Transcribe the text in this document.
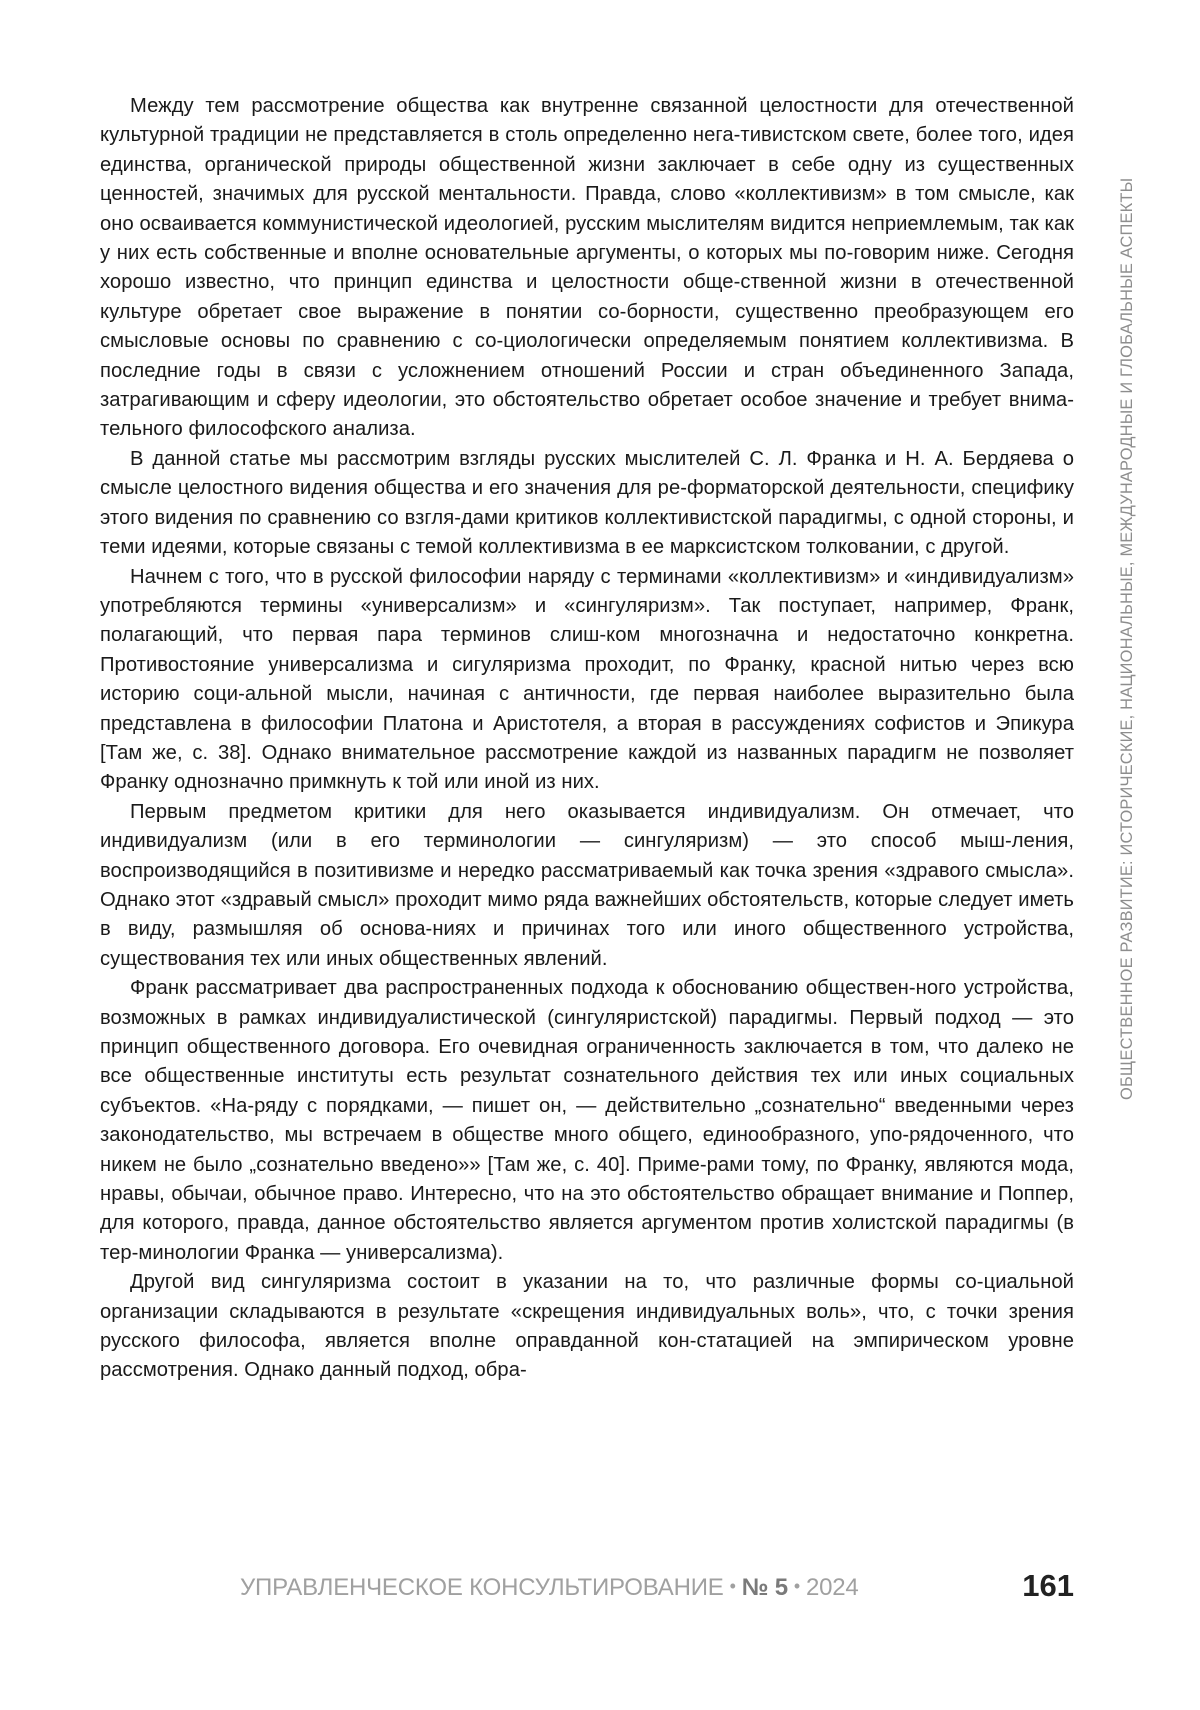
Между тем рассмотрение общества как внутренне связанной целостности для отечественной культурной традиции не представляется в столь определенно нега-тивистском свете, более того, идея единства, органической природы общественной жизни заключает в себе одну из существенных ценностей, значимых для русской ментальности. Правда, слово «коллективизм» в том смысле, как оно осваивается коммунистической идеологией, русским мыслителям видится неприемлемым, так как у них есть собственные и вполне основательные аргументы, о которых мы по-говорим ниже. Сегодня хорошо известно, что принцип единства и целостности обще-ственной жизни в отечественной культуре обретает свое выражение в понятии со-борности, существенно преобразующем его смысловые основы по сравнению с со-циологически определяемым понятием коллективизма. В последние годы в связи с усложнением отношений России и стран объединенного Запада, затрагивающим и сферу идеологии, это обстоятельство обретает особое значение и требует внима-тельного философского анализа.

В данной статье мы рассмотрим взгляды русских мыслителей С. Л. Франка и Н. А. Бердяева о смысле целостного видения общества и его значения для ре-форматорской деятельности, специфику этого видения по сравнению со взгля-дами критиков коллективистской парадигмы, с одной стороны, и теми идеями, которые связаны с темой коллективизма в ее марксистском толковании, с другой.

Начнем с того, что в русской философии наряду с терминами «коллективизм» и «индивидуализм» употребляются термины «универсализм» и «сингуляризм». Так поступает, например, Франк, полагающий, что первая пара терминов слиш-ком многозначна и недостаточно конкретна. Противостояние универсализма и сигуляризма проходит, по Франку, красной нитью через всю историю соци-альной мысли, начиная с античности, где первая наиболее выразительно была представлена в философии Платона и Аристотеля, а вторая в рассуждениях софистов и Эпикура [Там же, с. 38]. Однако внимательное рассмотрение каждой из названных парадигм не позволяет Франку однозначно примкнуть к той или иной из них.

Первым предметом критики для него оказывается индивидуализм. Он отмечает, что индивидуализм (или в его терминологии — сингуляризм) — это способ мыш-ления, воспроизводящийся в позитивизме и нередко рассматриваемый как точка зрения «здравого смысла». Однако этот «здравый смысл» проходит мимо ряда важнейших обстоятельств, которые следует иметь в виду, размышляя об основа-ниях и причинах того или иного общественного устройства, существования тех или иных общественных явлений.

Франк рассматривает два распространенных подхода к обоснованию обществен-ного устройства, возможных в рамках индивидуалистической (сингуляристской) парадигмы. Первый подход — это принцип общественного договора. Его очевидная ограниченность заключается в том, что далеко не все общественные институты есть результат сознательного действия тех или иных социальных субъектов. «На-ряду с порядками, — пишет он, — действительно „сознательно“ введенными через законодательство, мы встречаем в обществе много общего, единообразного, упо-рядоченного, что никем не было „сознательно введено»» [Там же, с. 40]. Приме-рами тому, по Франку, являются мода, нравы, обычаи, обычное право. Интересно, что на это обстоятельство обращает внимание и Поппер, для которого, правда, данное обстоятельство является аргументом против холистской парадигмы (в тер-минологии Франка — универсализма).

Другой вид сингуляризма состоит в указании на то, что различные формы со-циальной организации складываются в результате «скрещения индивидуальных воль», что, с точки зрения русского философа, является вполне оправданной кон-статацией на эмпирическом уровне рассмотрения. Однако данный подход, обра-

ОБЩЕСТВЕННОЕ РАЗВИТИЕ: ИСТОРИЧЕСКИЕ, НАЦИОНАЛЬНЫЕ, МЕЖДУНАРОДНЫЕ И ГЛОБАЛЬНЫЕ АСПЕКТЫ
УПРАВЛЕНЧЕСКОЕ КОНСУЛЬТИРОВАНИЕ • № 5 • 2024	161
